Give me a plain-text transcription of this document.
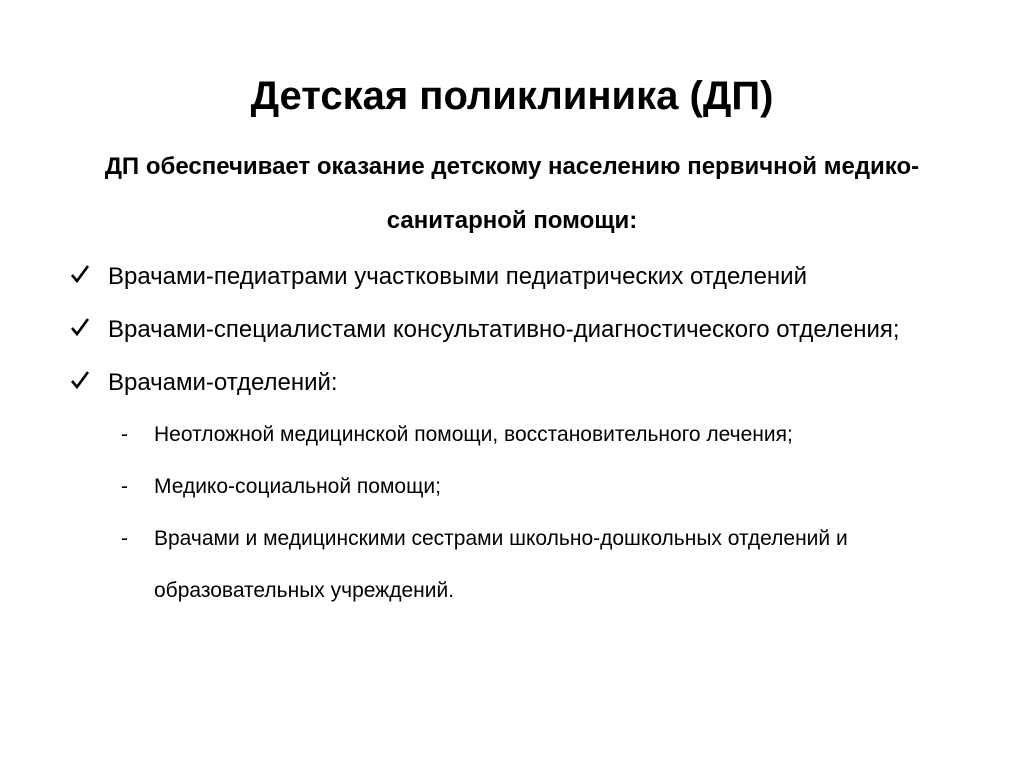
Детская поликлиника (ДП)

ДП обеспечивает оказание детскому населению первичной медико-санитарной помощи:

Врачами-педиатрами участковыми педиатрических отделений
Врачами-специалистами консультативно-диагностического отделения;
Врачами-отделений:
- Неотложной медицинской помощи, восстановительного лечения;
- Медико-социальной помощи;
- Врачами и медицинскими сестрами школьно-дошкольных отделений и образовательных учреждений.
